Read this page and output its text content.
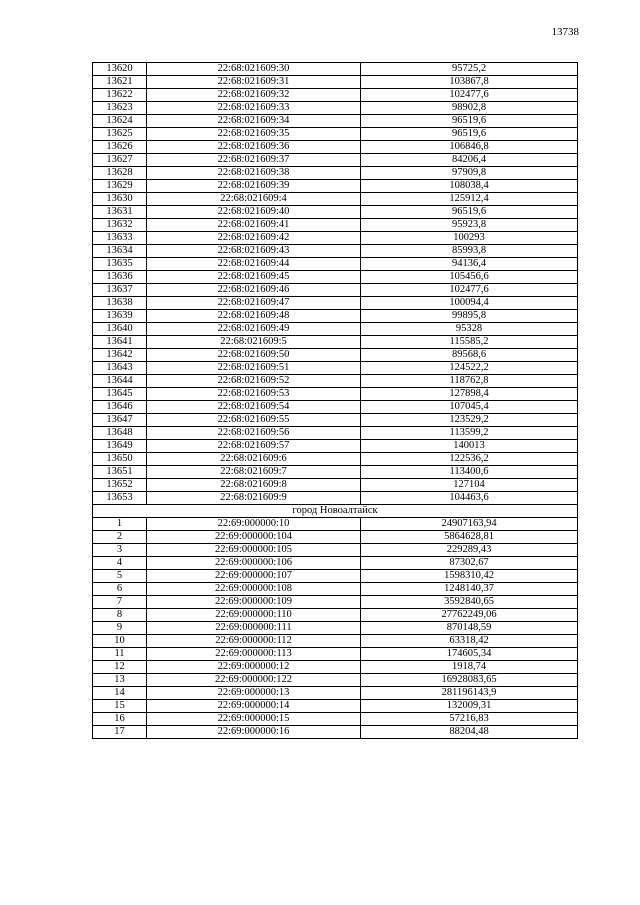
13738
13620	22:68:021609:30	95725,2
13621	22:68:021609:31	103867,8
13622	22:68:021609:32	102477,6
13623	22:68:021609:33	98902,8
13624	22:68:021609:34	96519,6
13625	22:68:021609:35	96519,6
13626	22:68:021609:36	106846,8
13627	22:68:021609:37	84206,4
13628	22:68:021609:38	97909,8
13629	22:68:021609:39	108038,4
13630	22:68:021609:4	125912,4
13631	22:68:021609:40	96519,6
13632	22:68:021609:41	95923,8
13633	22:68:021609:42	100293
13634	22:68:021609:43	85993,8
13635	22:68:021609:44	94136,4
13636	22:68:021609:45	105456,6
13637	22:68:021609:46	102477,6
13638	22:68:021609:47	100094,4
13639	22:68:021609:48	99895,8
13640	22:68:021609:49	95328
13641	22:68:021609:5	115585,2
13642	22:68:021609:50	89568,6
13643	22:68:021609:51	124522,2
13644	22:68:021609:52	118762,8
13645	22:68:021609:53	127898,4
13646	22:68:021609:54	107045,4
13647	22:68:021609:55	123529,2
13648	22:68:021609:56	113599,2
13649	22:68:021609:57	140013
13650	22:68:021609:6	122536,2
13651	22:68:021609:7	113400,6
13652	22:68:021609:8	127104
13653	22:68:021609:9	104463,6
город Новоалтайск		
1	22:69:000000:10	24907163,94
2	22:69:000000:104	5864628,81
3	22:69:000000:105	229289,43
4	22:69:000000:106	87302,67
5	22:69:000000:107	1598310,42
6	22:69:000000:108	1248140,37
7	22:69:000000:109	3592840,65
8	22:69:000000:110	27762249,06
9	22:69:000000:111	870148,59
10	22:69:000000:112	63318,42
11	22:69:000000:113	174605,34
12	22:69:000000:12	1918,74
13	22:69:000000:122	16928083,65
14	22:69:000000:13	281196143,9
15	22:69:000000:14	132009,31
16	22:69:000000:15	57216,83
17	22:69:000000:16	88204,48
